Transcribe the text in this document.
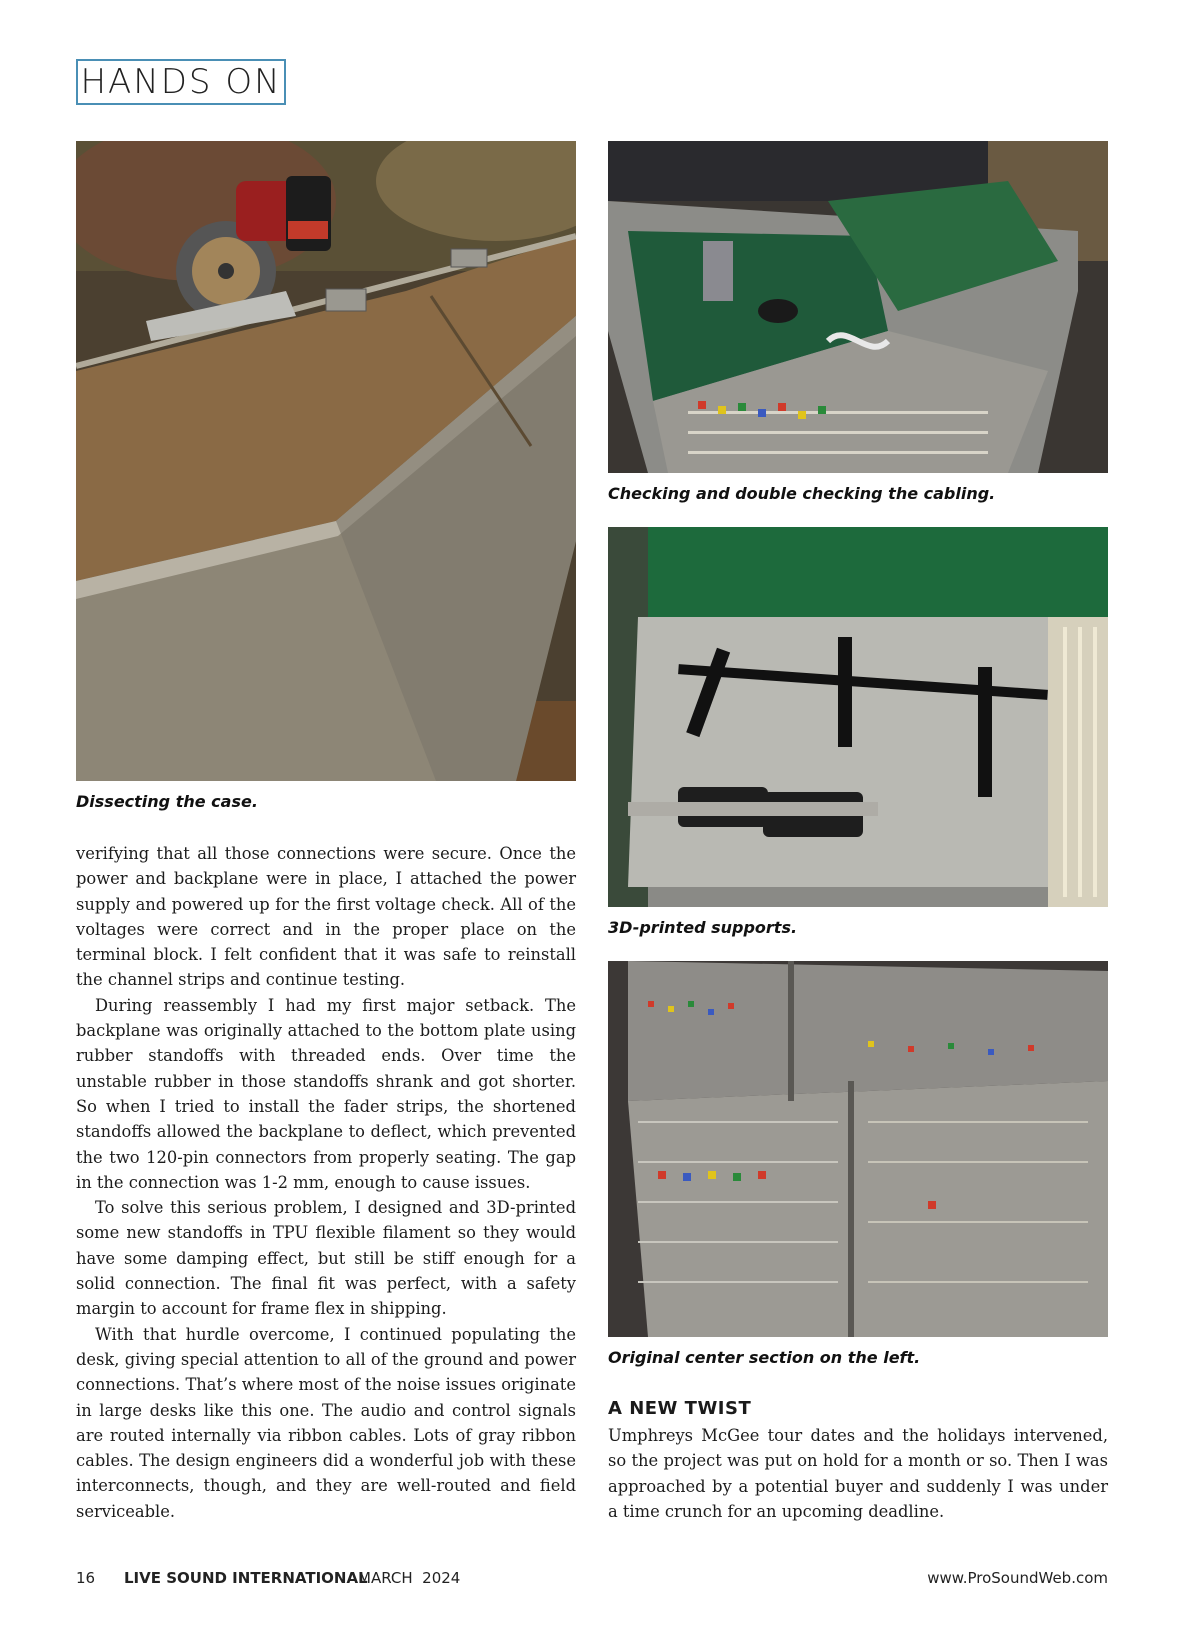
HANDS ON
Dissecting the case.
Checking and double checking the cabling.
3D-printed supports.
Original center section on the left.

verifying that all those connections were secure. Once the power and backplane were in place, I attached the power supply and powered up for the first voltage check. All of the voltages were correct and in the proper place on the terminal block. I felt confident that it was safe to reinstall the channel strips and continue testing.

During reassembly I had my first major setback. The backplane was originally attached to the bottom plate using rubber standoffs with threaded ends. Over time the unstable rubber in those standoffs shrank and got shorter. So when I tried to install the fader strips, the shortened standoffs allowed the backplane to deflect, which prevented the two 120-pin connectors from properly seating. The gap in the connection was 1-2 mm, enough to cause issues.

To solve this serious problem, I designed and 3D-printed some new standoffs in TPU flexible filament so they would have some damping effect, but still be stiff enough for a solid connection. The final fit was perfect, with a safety margin to account for frame flex in shipping.

With that hurdle overcome, I continued populating the desk, giving special attention to all of the ground and power connections. That’s where most of the noise issues originate in large desks like this one. The audio and control signals are routed internally via ribbon cables. Lots of gray ribbon cables. The design engineers did a wonderful job with these interconnects, though, and they are well-routed and field serviceable.

A NEW TWIST

Umphreys McGee tour dates and the holidays intervened, so the project was put on hold for a month or so. Then I was approached by a potential buyer and suddenly I was under a time crunch for an upcoming deadline.

16 LIVE SOUND INTERNATIONAL
MARCH  2024	www.ProSoundWeb.com
